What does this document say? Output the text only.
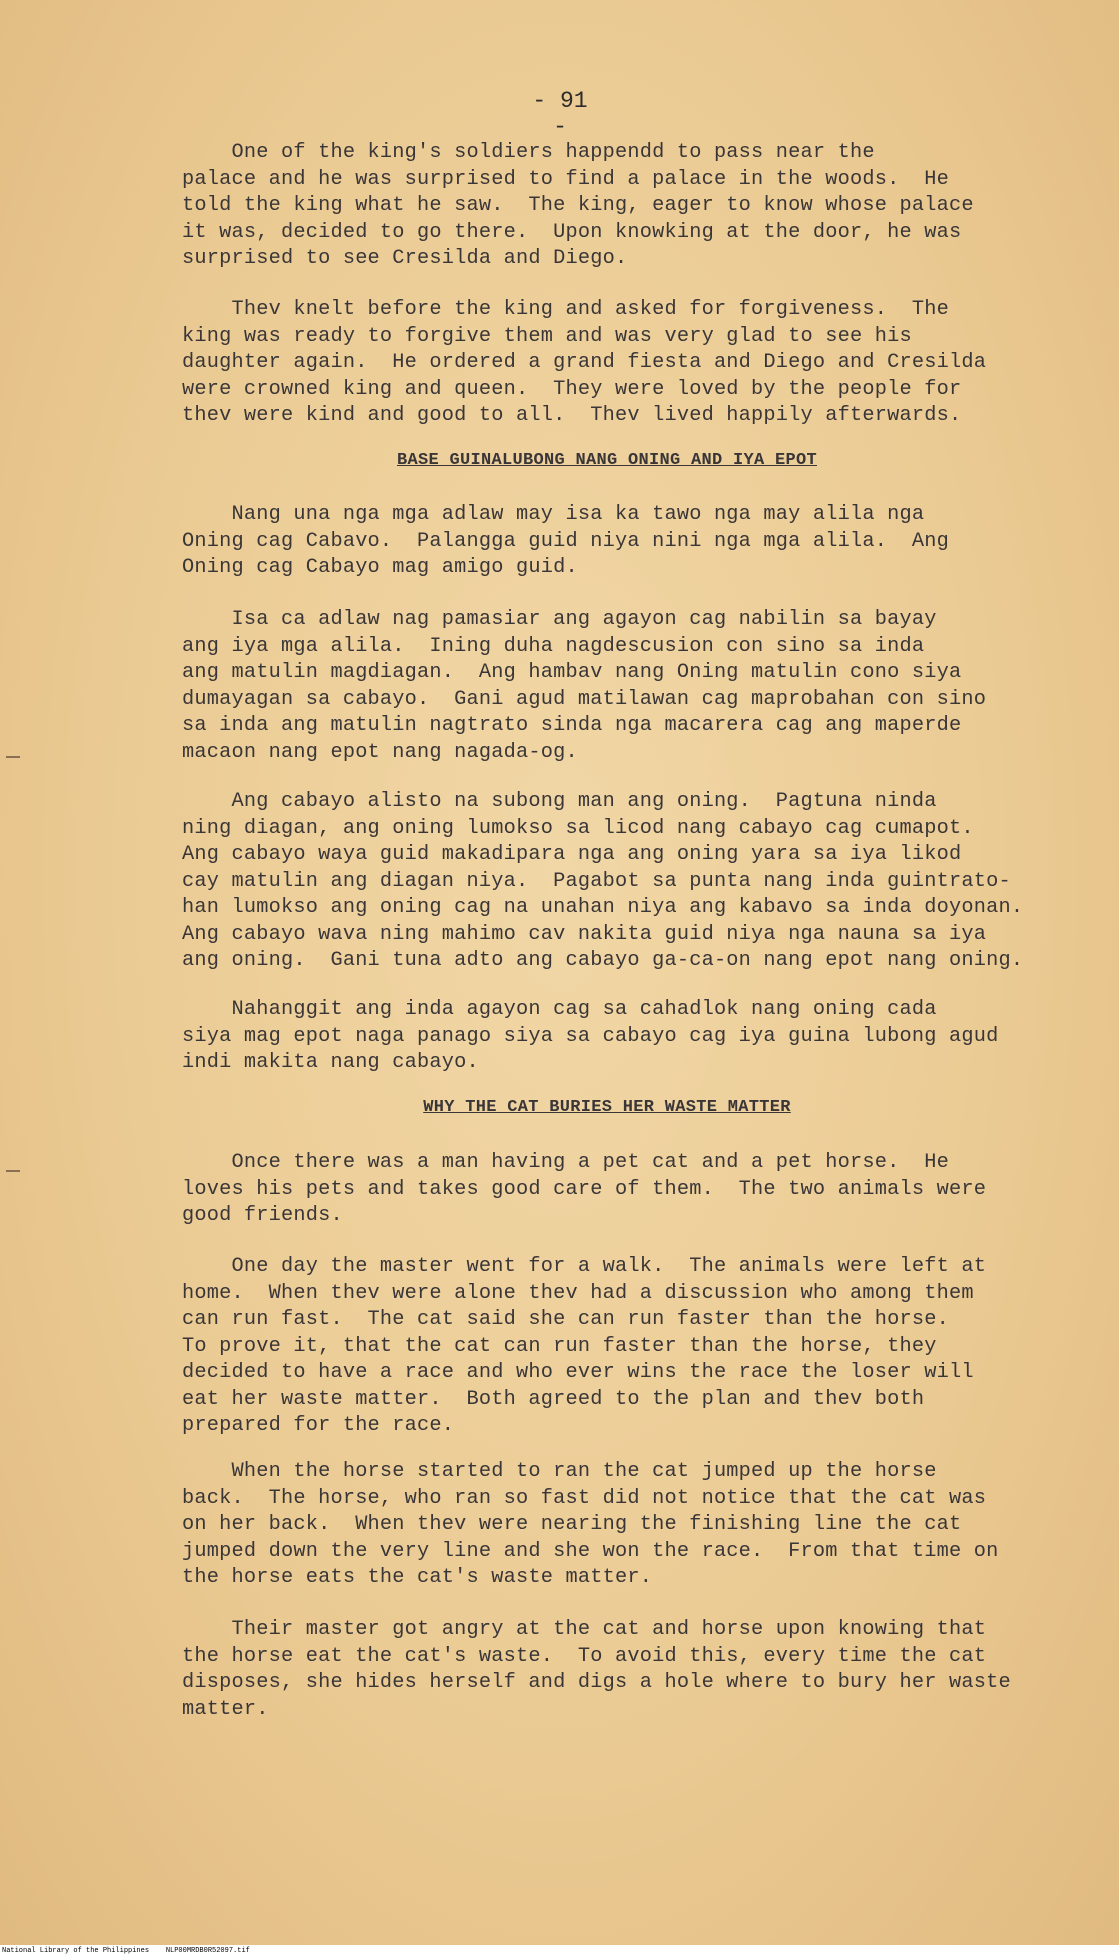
- 91 -

One of the king's soldiers happendd to pass near the
palace and he was surprised to find a palace in the woods.  He
told the king what he saw.  The king, eager to know whose palace
it was, decided to go there.  Upon knowking at the door, he was
surprised to see Cresilda and Diego.

Thev knelt before the king and asked for forgiveness.  The
king was ready to forgive them and was very glad to see his
daughter again.  He ordered a grand fiesta and Diego and Cresilda
were crowned king and queen.  They were loved by the people for
thev were kind and good to all.  Thev lived happily afterwards.

BASE GUINALUBONG NANG ONING AND IYA EPOT

Nang una nga mga adlaw may isa ka tawo nga may alila nga
Oning cag Cabavo.  Palangga guid niya nini nga mga alila.  Ang
Oning cag Cabayo mag amigo guid.

Isa ca adlaw nag pamasiar ang agayon cag nabilin sa bayay
ang iya mga alila.  Ining duha nagdescusion con sino sa inda
ang matulin magdiagan.  Ang hambav nang Oning matulin cono siya
dumayagan sa cabayo.  Gani agud matilawan cag maprobahan con sino
sa inda ang matulin nagtrato sinda nga macarera cag ang maperde
macaon nang epot nang nagada-og.

Ang cabayo alisto na subong man ang oning.  Pagtuna ninda
ning diagan, ang oning lumokso sa licod nang cabayo cag cumapot.
Ang cabayo waya guid makadipara nga ang oning yara sa iya likod
cay matulin ang diagan niya.  Pagabot sa punta nang inda guintrato-
han lumokso ang oning cag na unahan niya ang kabavo sa inda doyonan.
Ang cabayo wava ning mahimo cav nakita guid niya nga nauna sa iya
ang oning.  Gani tuna adto ang cabayo ga-ca-on nang epot nang oning.

Nahanggit ang inda agayon cag sa cahadlok nang oning cada
siya mag epot naga panago siya sa cabayo cag iya guina lubong agud
indi makita nang cabayo.

WHY THE CAT BURIES HER WASTE MATTER

Once there was a man having a pet cat and a pet horse.  He
loves his pets and takes good care of them.  The two animals were
good friends.

One day the master went for a walk.  The animals were left at
home.  When thev were alone thev had a discussion who among them
can run fast.  The cat said she can run faster than the horse.
To prove it, that the cat can run faster than the horse, they
decided to have a race and who ever wins the race the loser will
eat her waste matter.  Both agreed to the plan and thev both
prepared for the race.

When the horse started to ran the cat jumped up the horse
back.  The horse, who ran so fast did not notice that the cat was
on her back.  When thev were nearing the finishing line the cat
jumped down the very line and she won the race.  From that time on
the horse eats the cat's waste matter.

Their master got angry at the cat and horse upon knowing that
the horse eat the cat's waste.  To avoid this, every time the cat
disposes, she hides herself and digs a hole where to bury her waste
matter.

National Library of the Philippines    NLP00MRDB0R52097.tif
